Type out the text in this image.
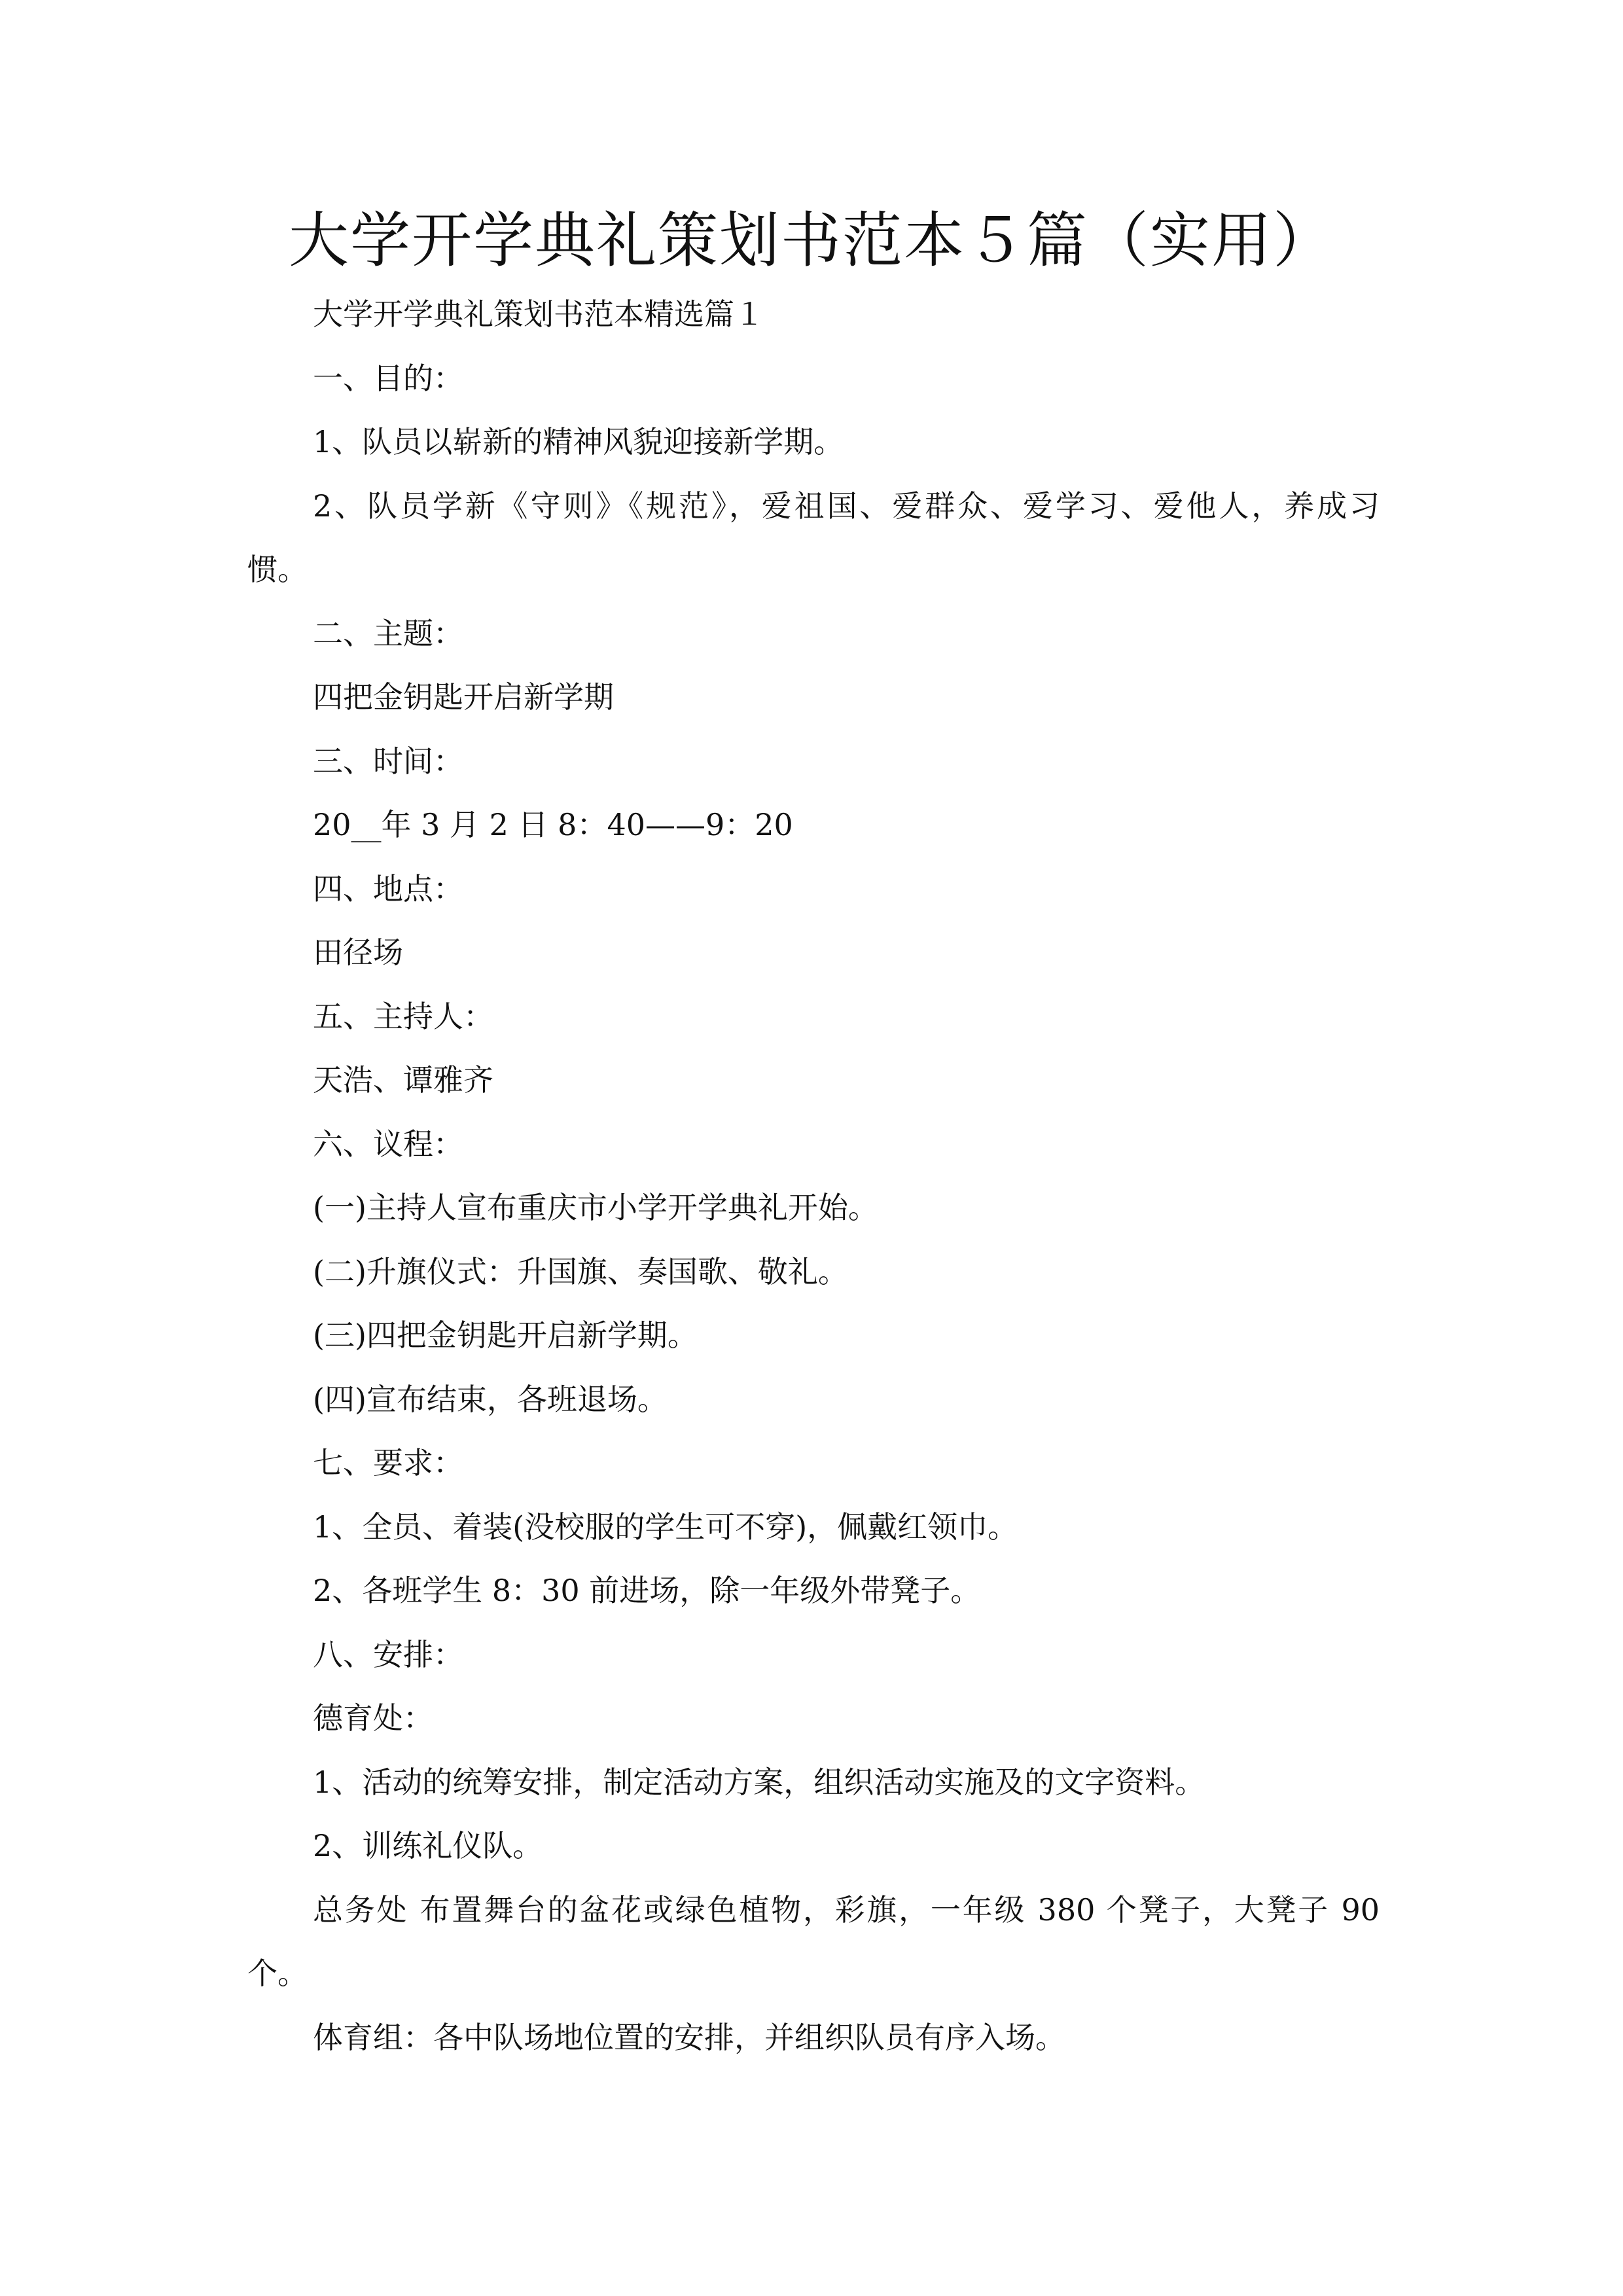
大学开学典礼策划书范本５篇（实用）

大学开学典礼策划书范本精选篇１

一、目的：

1、队员以崭新的精神风貌迎接新学期。

2、队员学新《守则》《规范》，爱祖国、爱群众、爱学习、爱他人，养成习

惯。

二、主题：

四把金钥匙开启新学期

三、时间：

20__年 3 月 2 日 8：40——9：20

四、地点：

田径场

五、主持人：

天浩、谭雅齐

六、议程：

(一)主持人宣布重庆市小学开学典礼开始。

(二)升旗仪式：升国旗、奏国歌、敬礼。

(三)四把金钥匙开启新学期。

(四)宣布结束，各班退场。

七、要求：

1、全员、着装(没校服的学生可不穿)，佩戴红领巾。

2、各班学生 8：30 前进场，除一年级外带凳子。

八、安排：

德育处：

1、活动的统筹安排，制定活动方案，组织活动实施及的文字资料。

2、训练礼仪队。

总务处 布置舞台的盆花或绿色植物，彩旗，一年级 380 个凳子，大凳子 90

个。

体育组：各中队场地位置的安排，并组织队员有序入场。
